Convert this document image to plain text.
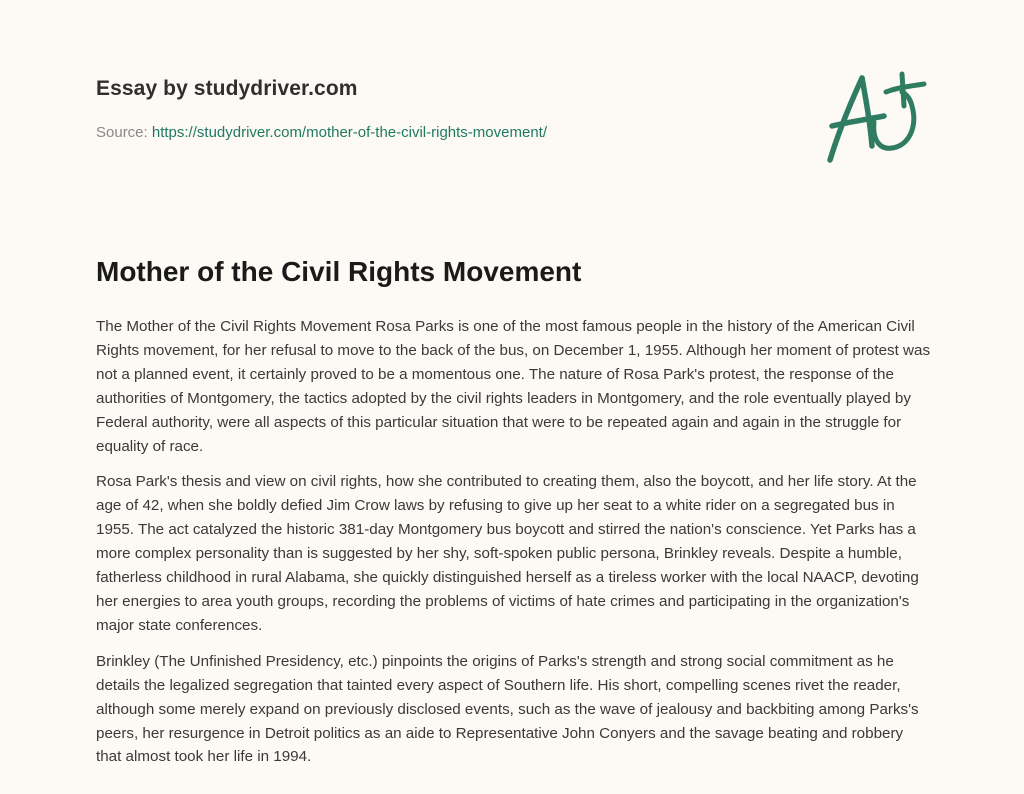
Essay by studydriver.com
Source: https://studydriver.com/mother-of-the-civil-rights-movement/
Mother of the Civil Rights Movement

The Mother of the Civil Rights Movement Rosa Parks is one of the most famous people in the history of the American Civil Rights movement, for her refusal to move to the back of the bus, on December 1, 1955. Although her moment of protest was not a planned event, it certainly proved to be a momentous one. The nature of Rosa Park's protest, the response of the authorities of Montgomery, the tactics adopted by the civil rights leaders in Montgomery, and the role eventually played by Federal authority, were all aspects of this particular situation that were to be repeated again and again in the struggle for equality of race.

Rosa Park's thesis and view on civil rights, how she contributed to creating them, also the boycott, and her life story. At the age of 42, when she boldly defied Jim Crow laws by refusing to give up her seat to a white rider on a segregated bus in 1955. The act catalyzed the historic 381-day Montgomery bus boycott and stirred the nation's conscience. Yet Parks has a more complex personality than is suggested by her shy, soft-spoken public persona, Brinkley reveals. Despite a humble, fatherless childhood in rural Alabama, she quickly distinguished herself as a tireless worker with the local NAACP, devoting her energies to area youth groups, recording the problems of victims of hate crimes and participating in the organization's major state conferences.

Brinkley (The Unfinished Presidency, etc.) pinpoints the origins of Parks's strength and strong social commitment as he details the legalized segregation that tainted every aspect of Southern life. His short, compelling scenes rivet the reader, although some merely expand on previously disclosed events, such as the wave of jealousy and backbiting among Parks's peers, her resurgence in Detroit politics as an aide to Representative John Conyers and the savage beating and robbery that almost took her life in 1994.
